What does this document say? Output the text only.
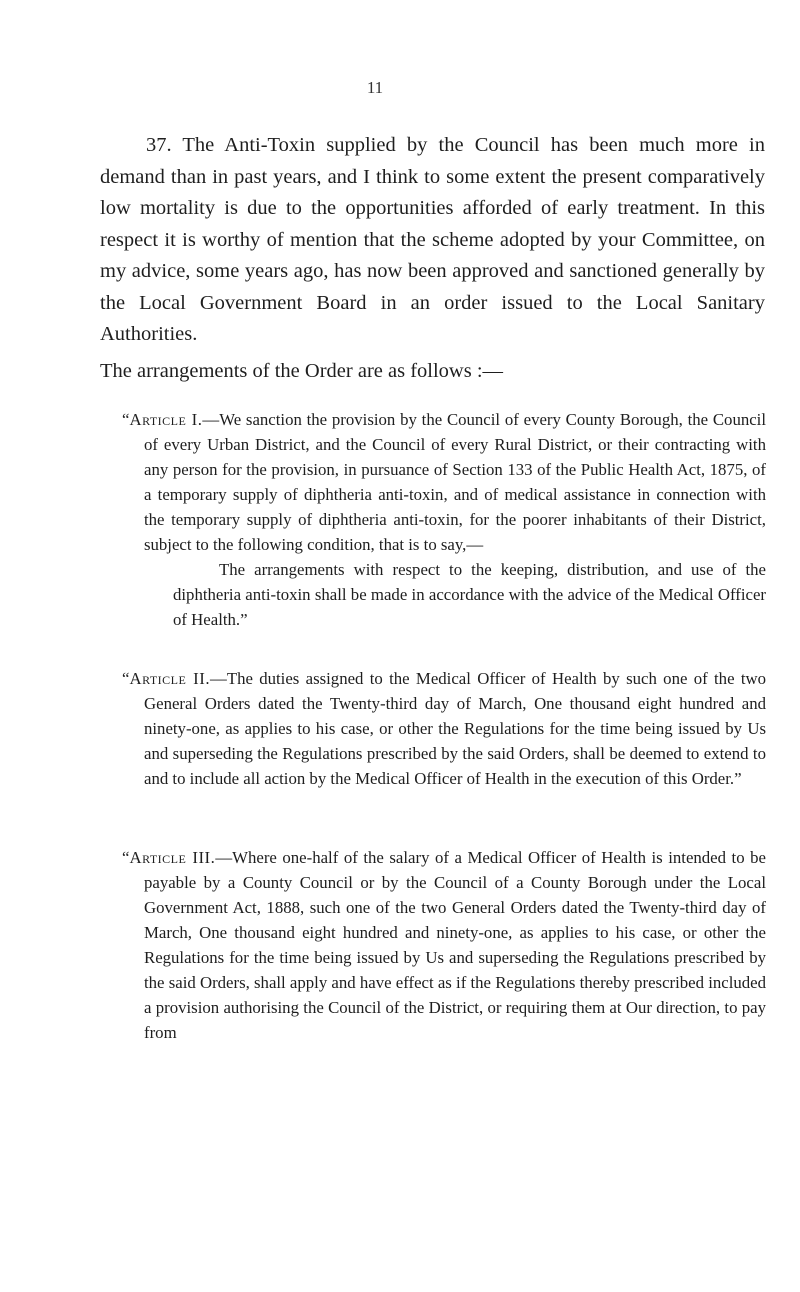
11

37. The Anti-Toxin supplied by the Council has been much more in demand than in past years, and I think to some extent the present comparatively low mortality is due to the opportunities afforded of early treatment. In this respect it is worthy of mention that the scheme adopted by your Committee, on my advice, some years ago, has now been approved and sanctioned generally by the Local Government Board in an order issued to the Local Sanitary Authorities.

The arrangements of the Order are as follows :—

“Article I.—We sanction the provision by the Council of every County Borough, the Council of every Urban District, and the Council of every Rural District, or their contracting with any person for the provision, in pursuance of Section 133 of the Public Health Act, 1875, of a temporary supply of diphtheria anti-toxin, and of medical assistance in connection with the temporary supply of diphtheria anti-toxin, for the poorer inhabitants of their District, subject to the following condition, that is to say,—
The arrangements with respect to the keeping, distribution, and use of the diphtheria anti-toxin shall be made in accordance with the advice of the Medical Officer of Health.”
“Article II.—The duties assigned to the Medical Officer of Health by such one of the two General Orders dated the Twenty-third day of March, One thousand eight hundred and ninety-one, as applies to his case, or other the Regulations for the time being issued by Us and superseding the Regulations prescribed by the said Orders, shall be deemed to extend to and to include all action by the Medical Officer of Health in the execution of this Order.”
“Article III.—Where one-half of the salary of a Medical Officer of Health is intended to be payable by a County Council or by the Council of a County Borough under the Local Government Act, 1888, such one of the two General Orders dated the Twenty-third day of March, One thousand eight hundred and ninety-one, as applies to his case, or other the Regulations for the time being issued by Us and superseding the Regulations prescribed by the said Orders, shall apply and have effect as if the Regulations thereby prescribed included a provision authorising the Council of the District, or requiring them at Our direction, to pay from
